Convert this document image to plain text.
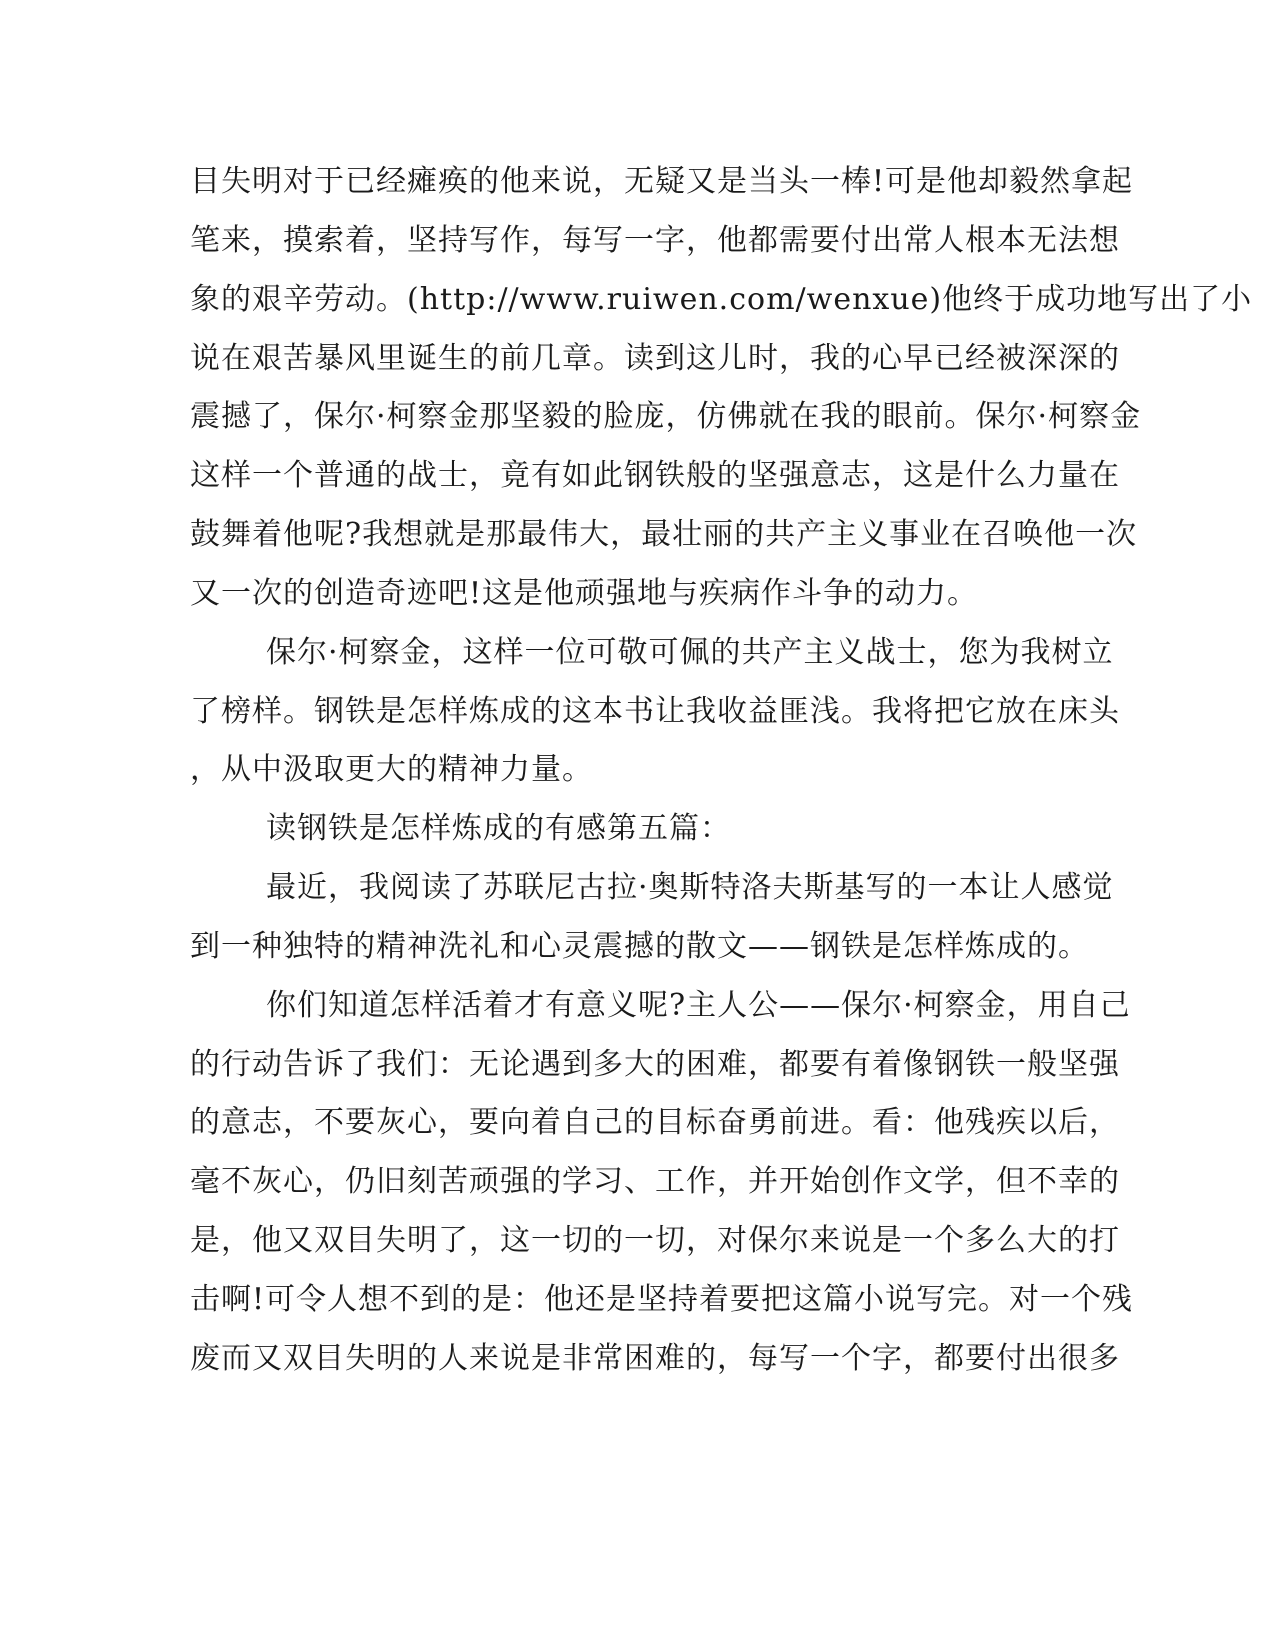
目失明对于已经瘫痪的他来说，无疑又是当头一棒!可是他却毅然拿起
笔来，摸索着，坚持写作，每写一字，他都需要付出常人根本无法想
象的艰辛劳动。(http://www.ruiwen.com/wenxue)他终于成功地写出了小
说在艰苦暴风里诞生的前几章。读到这儿时，我的心早已经被深深的
震撼了，保尔·柯察金那坚毅的脸庞，仿佛就在我的眼前。保尔·柯察金
这样一个普通的战士，竟有如此钢铁般的坚强意志，这是什么力量在
鼓舞着他呢?我想就是那最伟大，最壮丽的共产主义事业在召唤他一次
又一次的创造奇迹吧!这是他顽强地与疾病作斗争的动力。
保尔·柯察金，这样一位可敬可佩的共产主义战士，您为我树立
了榜样。钢铁是怎样炼成的这本书让我收益匪浅。我将把它放在床头
，从中汲取更大的精神力量。
读钢铁是怎样炼成的有感第五篇：
最近，我阅读了苏联尼古拉·奥斯特洛夫斯基写的一本让人感觉
到一种独特的精神洗礼和心灵震撼的散文——钢铁是怎样炼成的。
你们知道怎样活着才有意义呢?主人公——保尔·柯察金，用自己
的行动告诉了我们：无论遇到多大的困难，都要有着像钢铁一般坚强
的意志，不要灰心，要向着自己的目标奋勇前进。看：他残疾以后，
毫不灰心，仍旧刻苦顽强的学习、工作，并开始创作文学，但不幸的
是，他又双目失明了，这一切的一切，对保尔来说是一个多么大的打
击啊!可令人想不到的是：他还是坚持着要把这篇小说写完。对一个残
废而又双目失明的人来说是非常困难的，每写一个字，都要付出很多
